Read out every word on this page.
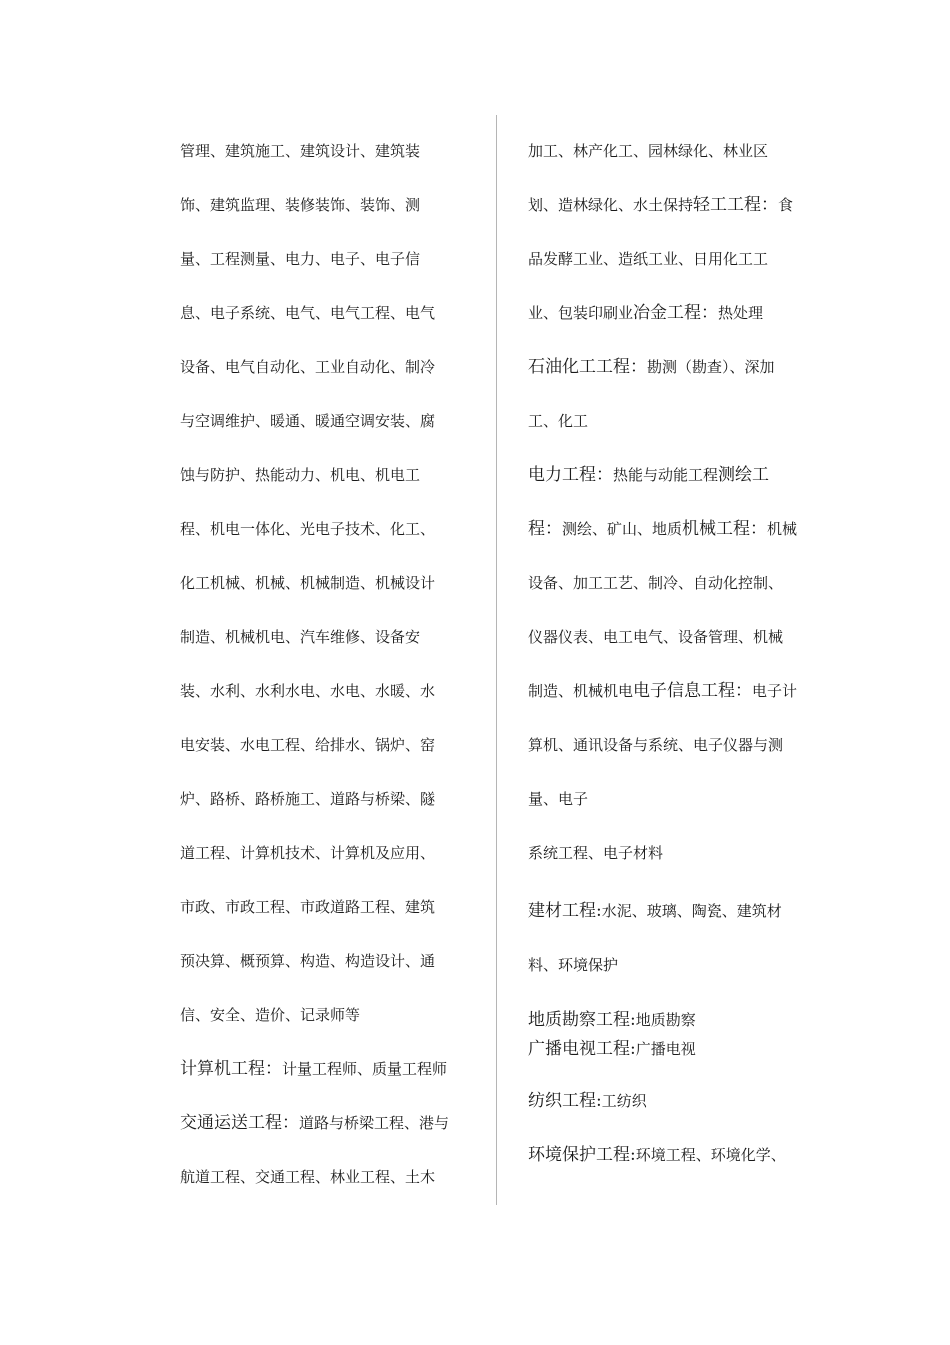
管理、建筑施工、建筑设计、建筑装
饰、建筑监理、装修装饰、装饰、测
量、工程测量、电力、电子、电子信
息、电子系统、电气、电气工程、电气
设备、电气自动化、工业自动化、制冷
与空调维护、暖通、暖通空调安装、腐
蚀与防护、热能动力、机电、机电工
程、机电一体化、光电子技术、化工、
化工机械、机械、机械制造、机械设计
制造、机械机电、汽车维修、设备安
装、水利、水利水电、水电、水暖、水
电安装、水电工程、给排水、锅炉、窑
炉、路桥、路桥施工、道路与桥梁、隧
道工程、计算机技术、计算机及应用、
市政、市政工程、市政道路工程、建筑
预决算、概预算、构造、构造设计、通
信、安全、造价、记录师等
计算机工程：计量工程师、质量工程师
交通运送工程：道路与桥梁工程、港与
航道工程、交通工程、林业工程、土木
加工、林产化工、园林绿化、林业区
划、造林绿化、水土保持轻工工程：食
品发酵工业、造纸工业、日用化工工
业、包装印刷业冶金工程：热处理
石油化工工程：勘测（勘查）、深加
工、化工
电力工程：热能与动能工程测绘工
程：测绘、矿山、地质机械工程：机械
设备、加工工艺、制冷、自动化控制、
仪器仪表、电工电气、设备管理、机械
制造、机械机电电子信息工程：电子计
算机、通讯设备与系统、电子仪器与测
量、电子
系统工程、电子材料
建材工程:水泥、玻璃、陶瓷、建筑材
料、环境保护
地质勘察工程:地质勘察
广播电视工程:广播电视
纺织工程:工纺织
环境保护工程:环境工程、环境化学、
